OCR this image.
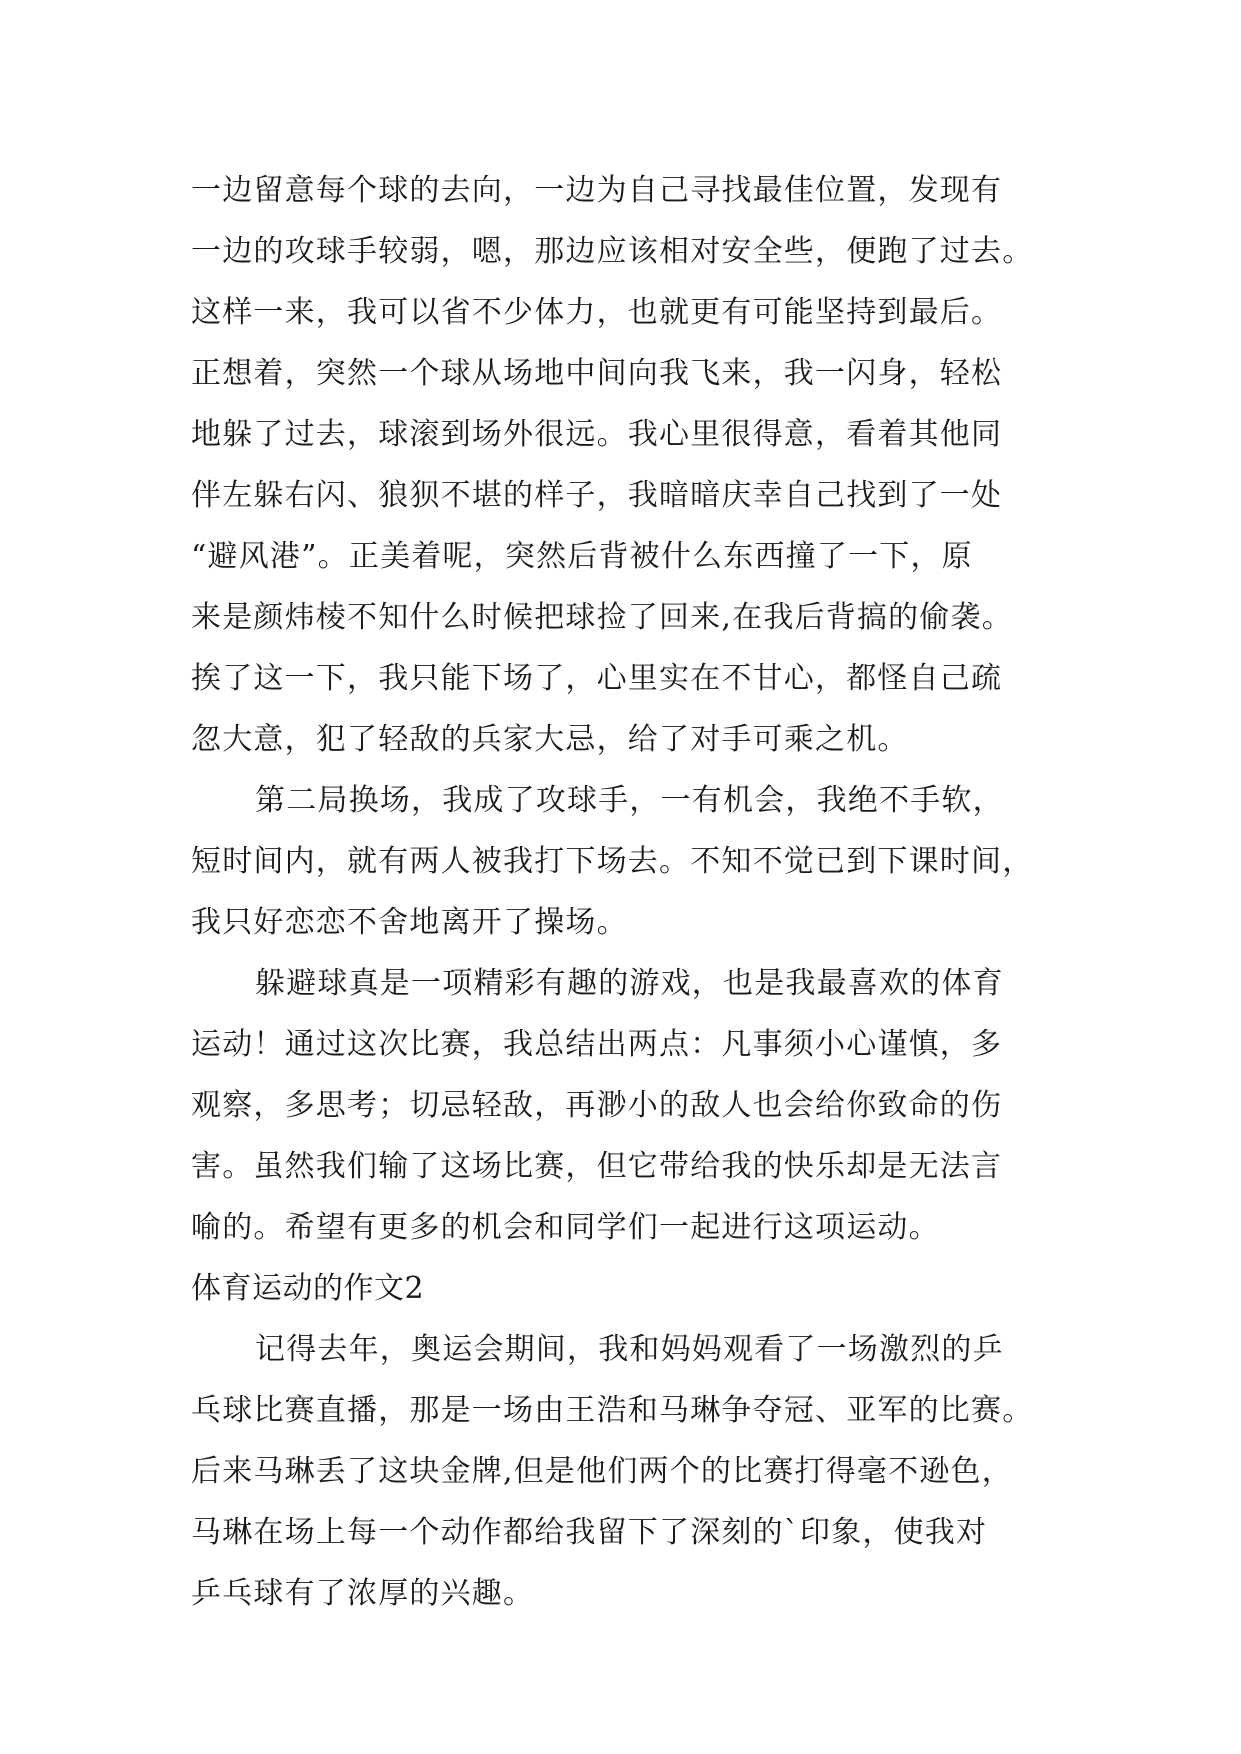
一边留意每个球的去向，一边为自己寻找最佳位置，发现有
一边的攻球手较弱，嗯，那边应该相对安全些，便跑了过去。
这样一来，我可以省不少体力，也就更有可能坚持到最后。
正想着，突然一个球从场地中间向我飞来，我一闪身，轻松
地躲了过去，球滚到场外很远。我心里很得意，看着其他同
伴左躲右闪、狼狈不堪的样子，我暗暗庆幸自己找到了一处
“避风港”。正美着呢，突然后背被什么东西撞了一下，原
来是颜炜棱不知什么时候把球捡了回来,在我后背搞的偷袭。
挨了这一下，我只能下场了，心里实在不甘心，都怪自己疏
忽大意，犯了轻敌的兵家大忌，给了对手可乘之机。
第二局换场，我成了攻球手，一有机会，我绝不手软，
短时间内，就有两人被我打下场去。不知不觉已到下课时间，
我只好恋恋不舍地离开了操场。
躲避球真是一项精彩有趣的游戏，也是我最喜欢的体育
运动！通过这次比赛，我总结出两点：凡事须小心谨慎，多
观察，多思考；切忌轻敌，再渺小的敌人也会给你致命的伤
害。虽然我们输了这场比赛，但它带给我的快乐却是无法言
喻的。希望有更多的机会和同学们一起进行这项运动。
体育运动的作文2
记得去年，奥运会期间，我和妈妈观看了一场激烈的乒
乓球比赛直播，那是一场由王浩和马琳争夺冠、亚军的比赛。
后来马琳丢了这块金牌,但是他们两个的比赛打得毫不逊色，
马琳在场上每一个动作都给我留下了深刻的`印象，使我对
乒乓球有了浓厚的兴趣。
